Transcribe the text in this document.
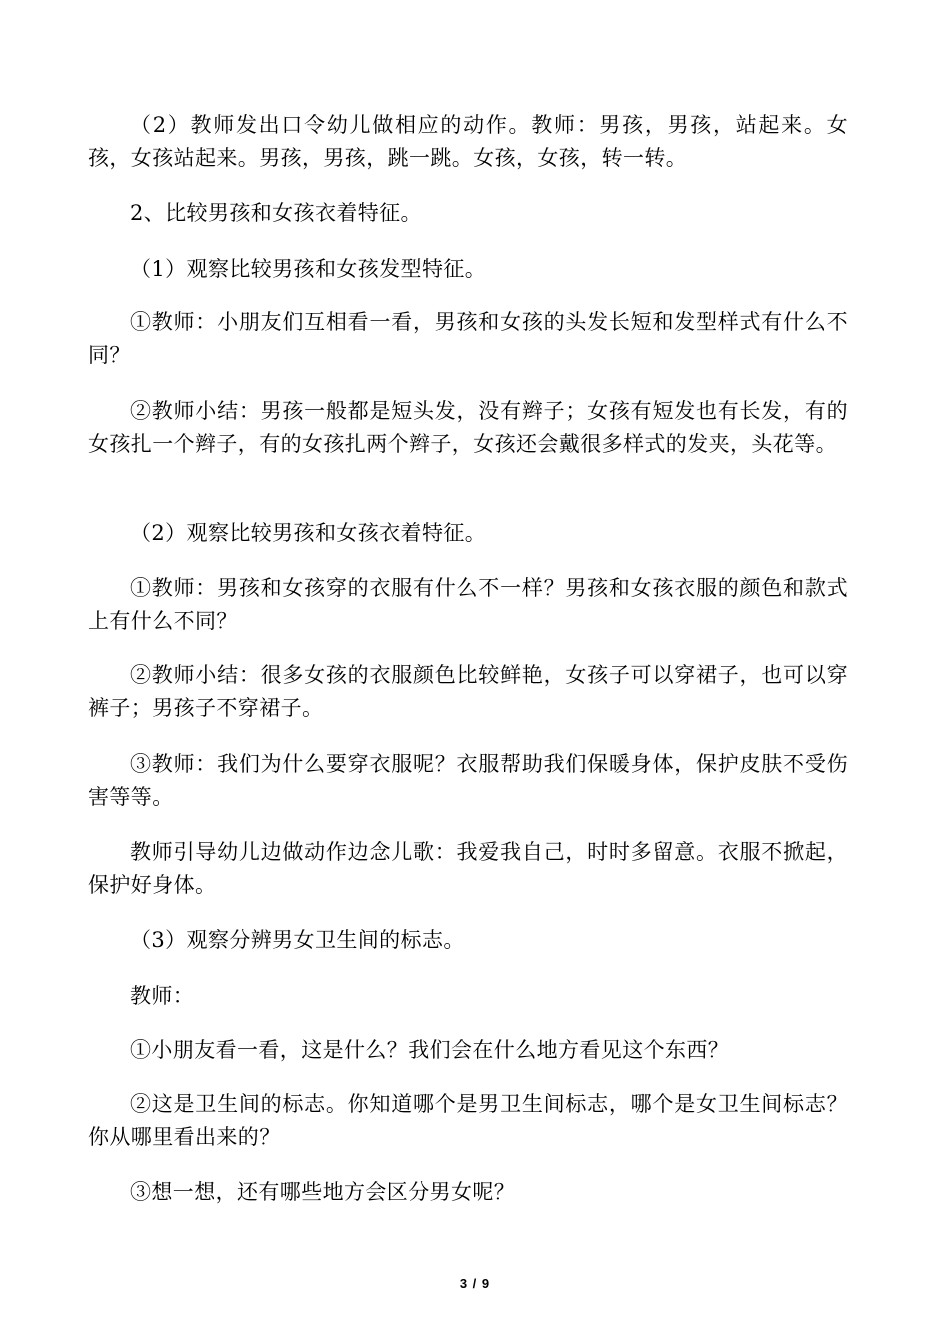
（2）教师发出口令幼儿做相应的动作。教师：男孩，男孩，站起来。女孩，女孩站起来。男孩，男孩，跳一跳。女孩，女孩，转一转。

2、比较男孩和女孩衣着特征。

（1）观察比较男孩和女孩发型特征。

①教师：小朋友们互相看一看，男孩和女孩的头发长短和发型样式有什么不同？

②教师小结：男孩一般都是短头发，没有辫子；女孩有短发也有长发，有的女孩扎一个辫子，有的女孩扎两个辫子，女孩还会戴很多样式的发夹，头花等。

（2）观察比较男孩和女孩衣着特征。

①教师：男孩和女孩穿的衣服有什么不一样？男孩和女孩衣服的颜色和款式上有什么不同？

②教师小结：很多女孩的衣服颜色比较鲜艳，女孩子可以穿裙子，也可以穿裤子；男孩子不穿裙子。

③教师：我们为什么要穿衣服呢？衣服帮助我们保暖身体，保护皮肤不受伤害等等。

教师引导幼儿边做动作边念儿歌：我爱我自己，时时多留意。衣服不掀起，保护好身体。

（3）观察分辨男女卫生间的标志。

教师：

①小朋友看一看，这是什么？我们会在什么地方看见这个东西？

②这是卫生间的标志。你知道哪个是男卫生间标志，哪个是女卫生间标志？你从哪里看出来的？

③想一想，还有哪些地方会区分男女呢？

3 / 9
